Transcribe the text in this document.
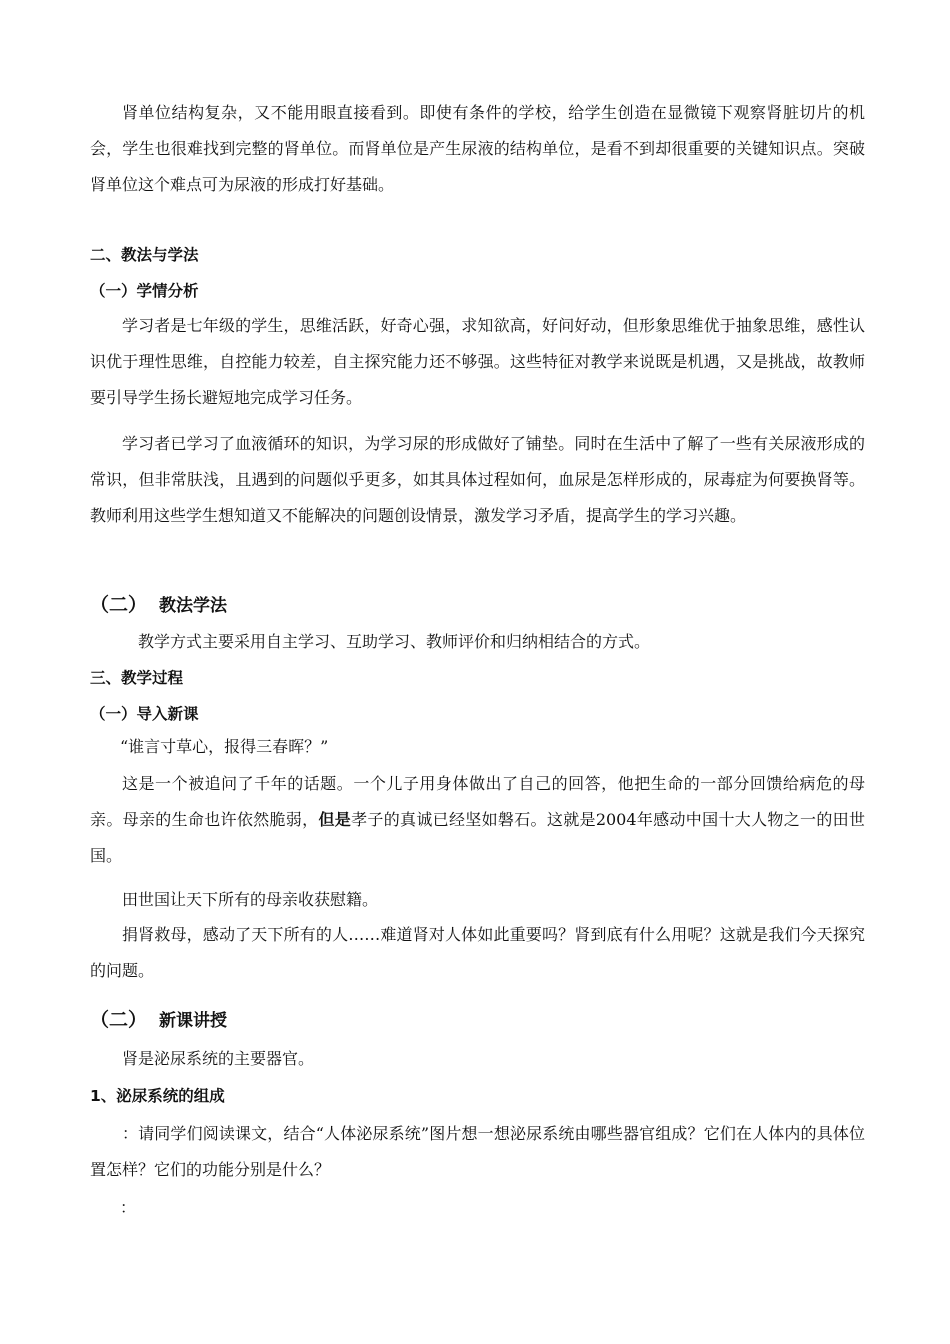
肾单位结构复杂，又不能用眼直接看到。即使有条件的学校，给学生创造在显微镜下观察肾脏切片的机会，学生也很难找到完整的肾单位。而肾单位是产生尿液的结构单位，是看不到却很重要的关键知识点。突破肾单位这个难点可为尿液的形成打好基础。
二、教法与学法
（一）学情分析
学习者是七年级的学生，思维活跃，好奇心强，求知欲高，好问好动，但形象思维优于抽象思维，感性认识优于理性思维，自控能力较差，自主探究能力还不够强。这些特征对教学来说既是机遇，又是挑战，故教师要引导学生扬长避短地完成学习任务。
学习者已学习了血液循环的知识，为学习尿的形成做好了铺垫。同时在生活中了解了一些有关尿液形成的常识，但非常肤浅，且遇到的问题似乎更多，如其具体过程如何，血尿是怎样形成的，尿毒症为何要换肾等。教师利用这些学生想知道又不能解决的问题创设情景，激发学习矛盾，提高学生的学习兴趣。
（二） 教法学法
教学方式主要采用自主学习、互助学习、教师评价和归纳相结合的方式。
三、教学过程
（一）导入新课
“谁言寸草心，报得三春晖？”
这是一个被追问了千年的话题。一个儿子用身体做出了自己的回答，他把生命的一部分回馈给病危的母亲。母亲的生命也许依然脆弱，但是孝子的真诚已经坚如磐石。这就是2004年感动中国十大人物之一的田世国。
田世国让天下所有的母亲收获慰籍。
捐肾救母，感动了天下所有的人……难道肾对人体如此重要吗？肾到底有什么用呢？这就是我们今天探究的问题。
（二） 新课讲授
肾是泌尿系统的主要器官。
1、泌尿系统的组成
：请同学们阅读课文，结合“人体泌尿系统”图片想一想泌尿系统由哪些器官组成？它们在人体内的具体位置怎样？它们的功能分别是什么？
：
